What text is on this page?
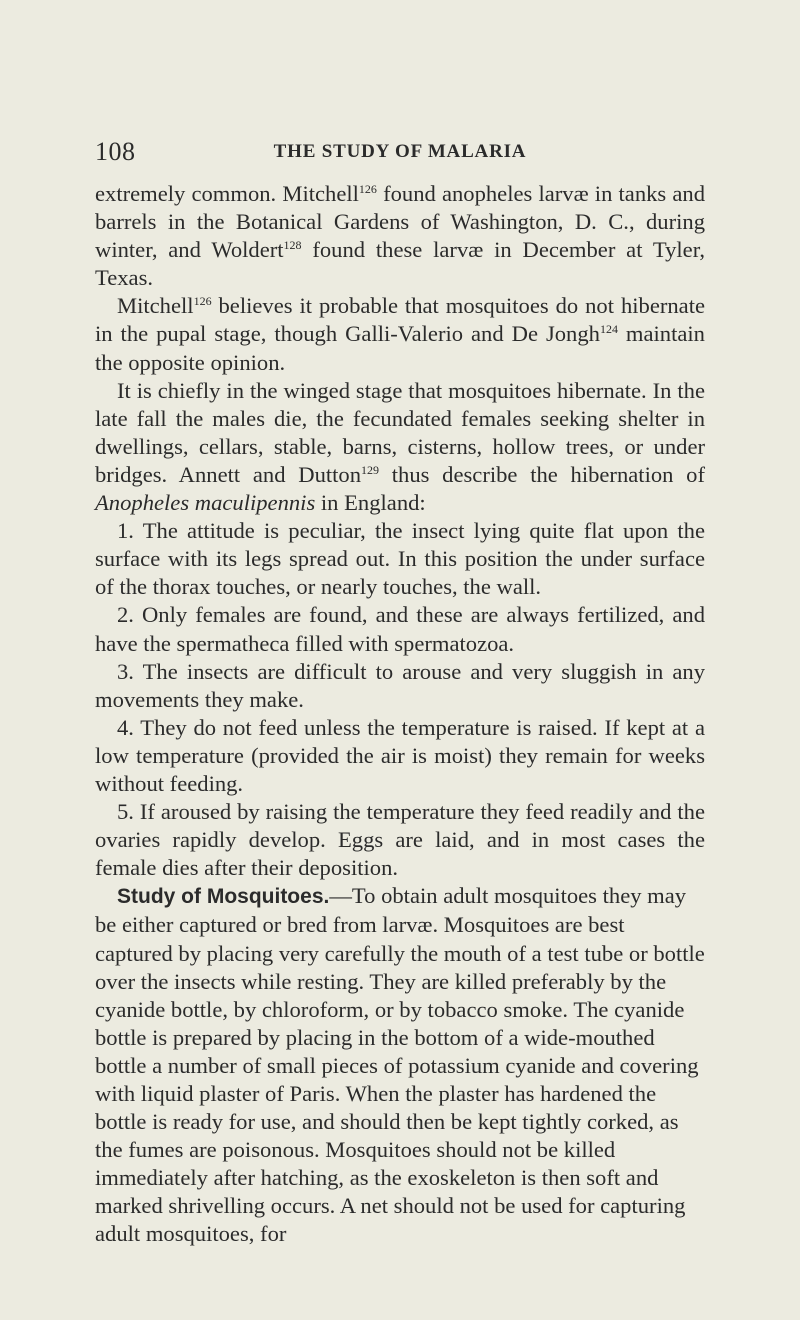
108	THE STUDY OF MALARIA

extremely common. Mitchell$^{126}$ found anopheles larvæ in tanks and barrels in the Botanical Gardens of Washington, D. C., during winter, and Woldert$^{128}$ found these larvæ in December at Tyler, Texas.

Mitchell$^{126}$ believes it probable that mosquitoes do not hibernate in the pupal stage, though Galli-Valerio and De Jongh$^{124}$ maintain the opposite opinion.

It is chiefly in the winged stage that mosquitoes hibernate. In the late fall the males die, the fecundated females seeking shelter in dwellings, cellars, stable, barns, cisterns, hollow trees, or under bridges. Annett and Dutton$^{129}$ thus describe the hibernation of Anopheles maculipennis in England:

1. The attitude is peculiar, the insect lying quite flat upon the surface with its legs spread out. In this position the under surface of the thorax touches, or nearly touches, the wall.

2. Only females are found, and these are always fertilized, and have the spermatheca filled with spermatozoa.

3. The insects are difficult to arouse and very sluggish in any movements they make.

4. They do not feed unless the temperature is raised. If kept at a low temperature (provided the air is moist) they remain for weeks without feeding.

5. If aroused by raising the temperature they feed readily and the ovaries rapidly develop. Eggs are laid, and in most cases the female dies after their deposition.

Study of Mosquitoes.—To obtain adult mosquitoes they may be either captured or bred from larvæ. Mosquitoes are best captured by placing very carefully the mouth of a test tube or bottle over the insects while resting. They are killed preferably by the cyanide bottle, by chloroform, or by tobacco smoke. The cyanide bottle is prepared by placing in the bottom of a wide-mouthed bottle a number of small pieces of potassium cyanide and covering with liquid plaster of Paris. When the plaster has hardened the bottle is ready for use, and should then be kept tightly corked, as the fumes are poisonous. Mosquitoes should not be killed immediately after hatching, as the exoskeleton is then soft and marked shrivelling occurs. A net should not be used for capturing adult mosquitoes, for
